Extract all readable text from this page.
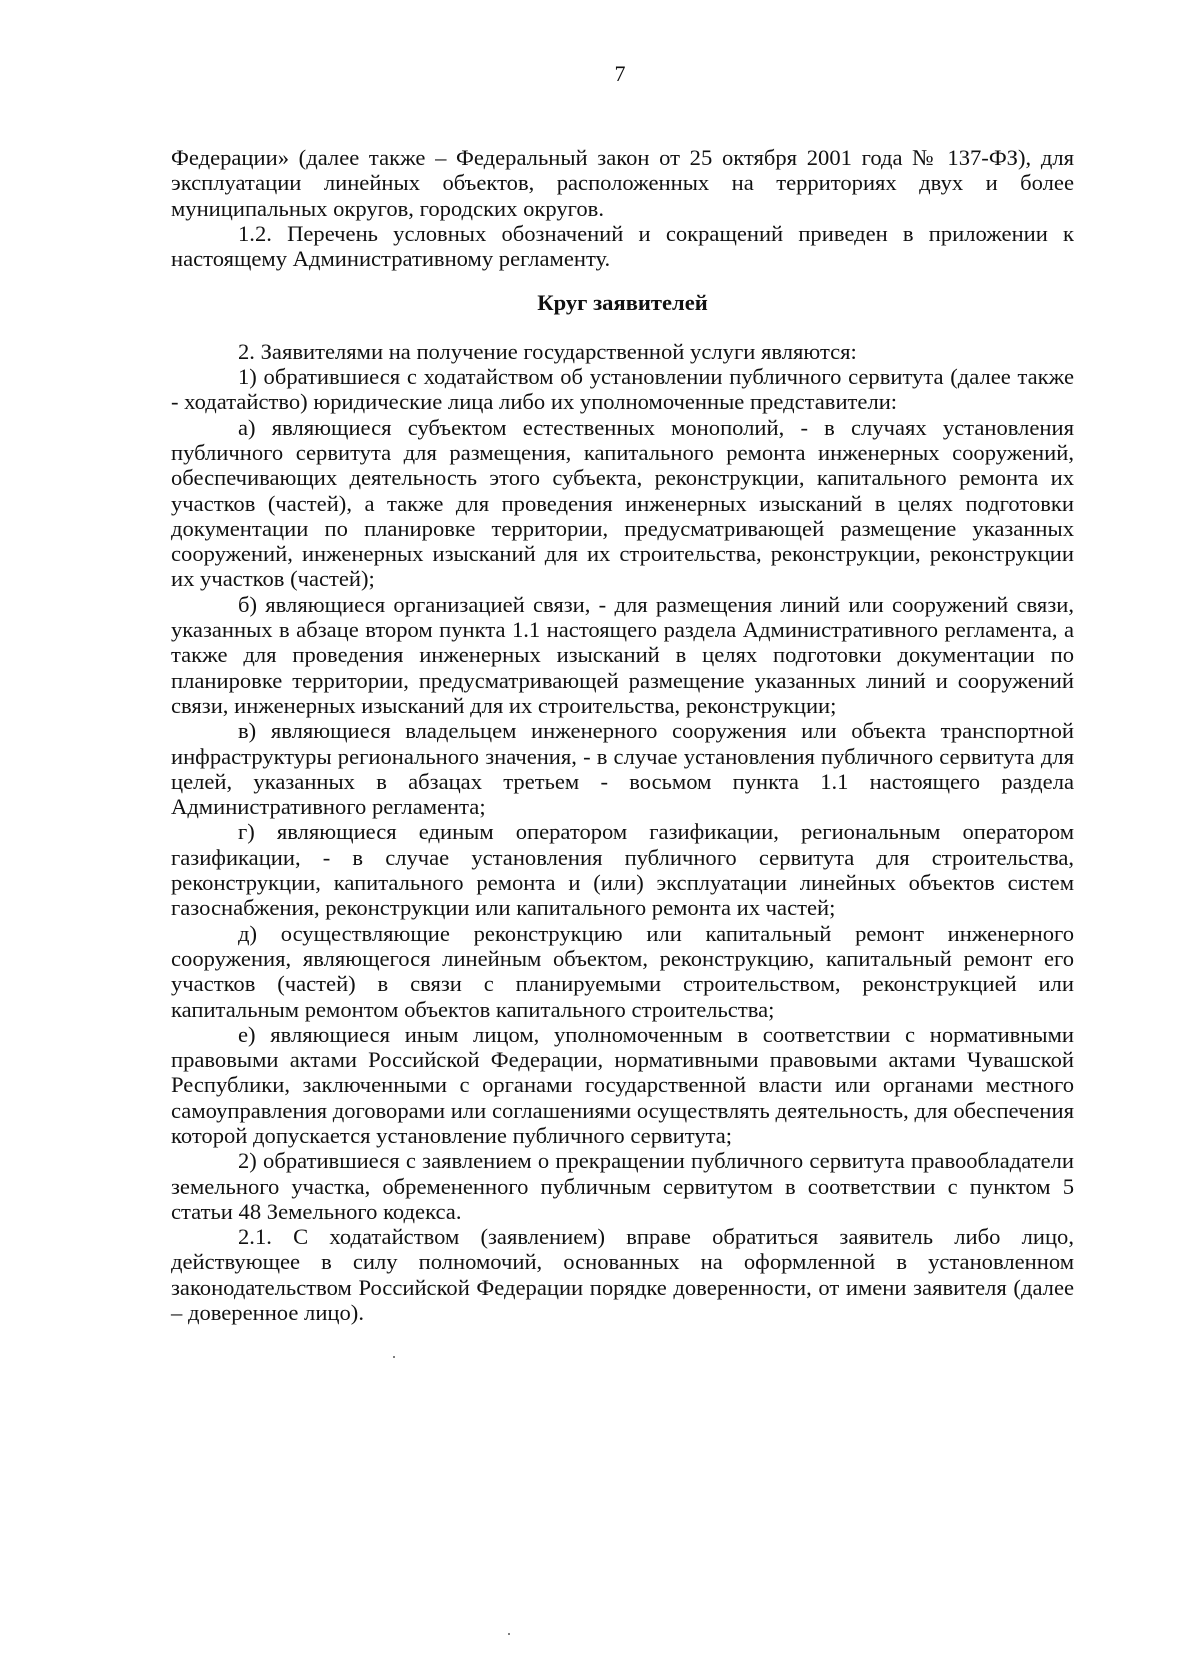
7

Федерации» (далее также – Федеральный закон от 25 октября 2001 года № 137-ФЗ), для эксплуатации линейных объектов, расположенных на территориях двух и более муниципальных округов, городских округов.

1.2. Перечень условных обозначений и сокращений приведен в приложении к настоящему Административному регламенту.

Круг заявителей

2. Заявителями на получение государственной услуги являются:

1) обратившиеся с ходатайством об установлении публичного сервитута (далее также - ходатайство) юридические лица либо их уполномоченные представители:

а) являющиеся субъектом естественных монополий, - в случаях установления публичного сервитута для размещения, капитального ремонта инженерных сооружений, обеспечивающих деятельность этого субъекта, реконструкции, капитального ремонта их участков (частей), а также для проведения инженерных изысканий в целях подготовки документации по планировке территории, предусматривающей размещение указанных сооружений, инженерных изысканий для их строительства, реконструкции, реконструкции их участков (частей);

б) являющиеся организацией связи, - для размещения линий или сооружений связи, указанных в абзаце втором пункта 1.1 настоящего раздела Административного регламента, а также для проведения инженерных изысканий в целях подготовки документации по планировке территории, предусматривающей размещение указанных линий и сооружений связи, инженерных изысканий для их строительства, реконструкции;

в) являющиеся владельцем инженерного сооружения или объекта транспортной инфраструктуры регионального значения, - в случае установления публичного сервитута для целей, указанных в абзацах третьем - восьмом пункта 1.1 настоящего раздела Административного регламента;

г) являющиеся единым оператором газификации, региональным оператором газификации, - в случае установления публичного сервитута для строительства, реконструкции, капитального ремонта и (или) эксплуатации линейных объектов систем газоснабжения, реконструкции или капитального ремонта их частей;

д) осуществляющие реконструкцию или капитальный ремонт инженерного сооружения, являющегося линейным объектом, реконструкцию, капитальный ремонт его участков (частей) в связи с планируемыми строительством, реконструкцией или капитальным ремонтом объектов капитального строительства;

е) являющиеся иным лицом, уполномоченным в соответствии с нормативными правовыми актами Российской Федерации, нормативными правовыми актами Чувашской Республики, заключенными с органами государственной власти или органами местного самоуправления договорами или соглашениями осуществлять деятельность, для обеспечения которой допускается установление публичного сервитута;

2) обратившиеся с заявлением о прекращении публичного сервитута правообладатели земельного участка, обремененного публичным сервитутом в соответствии с пунктом 5 статьи 48 Земельного кодекса.

2.1. С ходатайством (заявлением) вправе обратиться заявитель либо лицо, действующее в силу полномочий, основанных на оформленной в установленном законодательством Российской Федерации порядке доверенности, от имени заявителя (далее – доверенное лицо).
